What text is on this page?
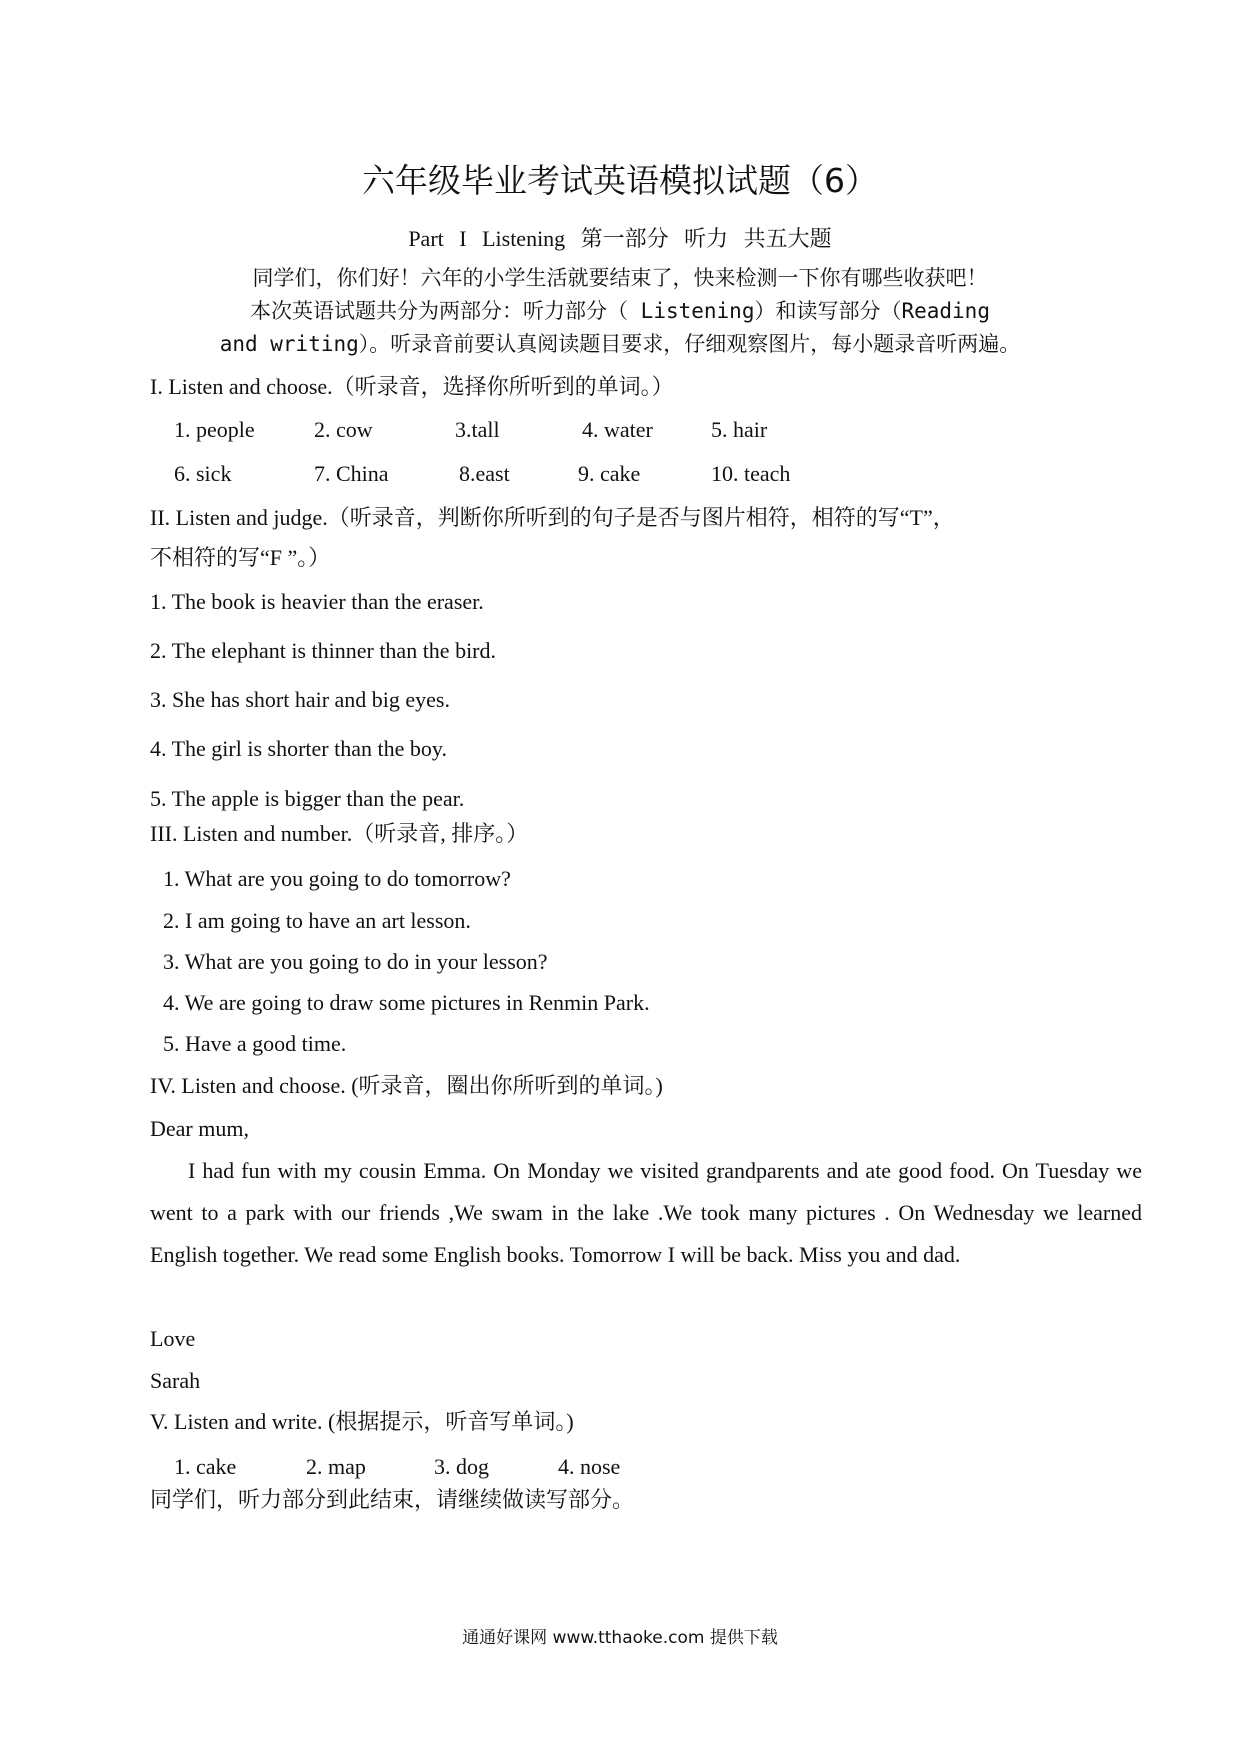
六年级毕业考试英语模拟试题（6）
Part I Listening 第一部分 听力 共五大题
同学们，你们好！六年的小学生活就要结束了，快来检测一下你有哪些收获吧！
本次英语试题共分为两部分：听力部分（ Listening）和读写部分（Reading
and writing）。听录音前要认真阅读题目要求，仔细观察图片，每小题录音听两遍。
I. Listen and choose.（听录音，选择你所听到的单词。）
1. people	2. cow	3.tall	4. water	5. hair
6. sick	7. China	8.east	9. cake	10. teach
II. Listen and judge.（听录音，判断你所听到的句子是否与图片相符，相符的写“T”，
不相符的写“F ”。）
1. The book is heavier than the eraser.
2. The elephant is thinner than the bird.
3. She has short hair and big eyes.
4. The girl is shorter than the boy.
5. The apple is bigger than the pear.
III. Listen and number.（听录音, 排序。）
1. What are you going to do tomorrow?
2. I am going to have an art lesson.
3. What are you going to do in your lesson?
4. We are going to draw some pictures in Renmin Park.
5. Have a good time.
IV. Listen and choose. (听录音，圈出你所听到的单词。)
Dear mum,
I had fun with my cousin Emma. On Monday we visited grandparents and ate good food. On Tuesday we went to a park with our friends ,We swam in the lake .We took many pictures . On Wednesday we learned English together. We read some English books. Tomorrow I will be back. Miss you and dad.
Love
Sarah
V. Listen and write. (根据提示，听音写单词。)
1. cake	2. map	3. dog	4. nose
同学们，听力部分到此结束，请继续做读写部分。
通通好课网 www.tthaoke.com 提供下载
